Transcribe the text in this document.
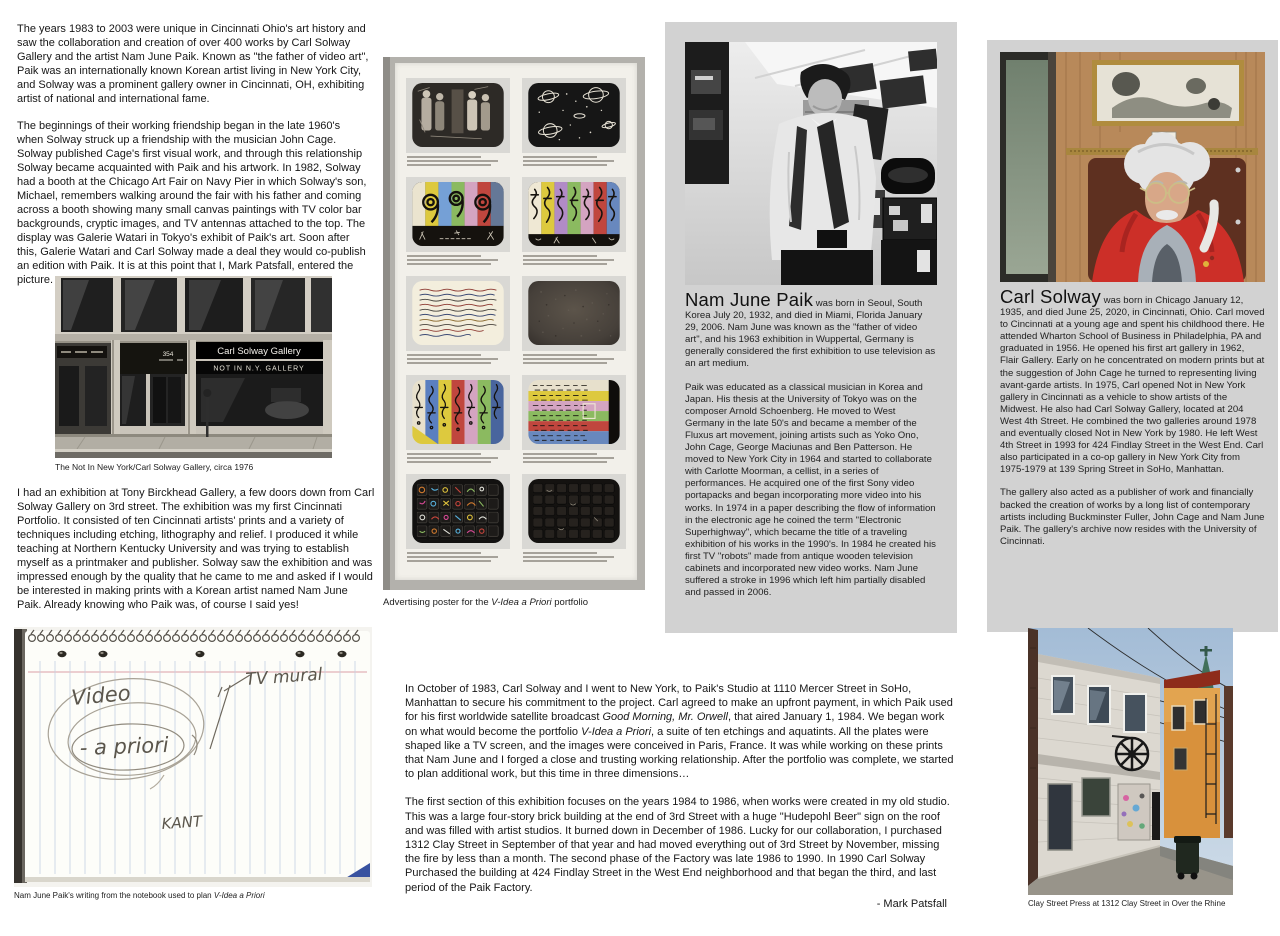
The years 1983 to 2003 were unique in Cincinnati Ohio's art history and saw the collaboration and creation of over 400 works by Carl Solway Gallery and the artist Nam June Paik. Known as "the father of video art", Paik was an internationally known Korean artist living in New York City, and Solway was a prominent gallery owner in Cincinnati, OH, exhibiting artist of national and international fame.

The beginnings of their working friendship began in the late 1960's when Solway struck up a friendship with the musician John Cage. Solway published Cage's first visual work, and through this relationship Solway became acquainted with Paik and his artwork. In 1982, Solway had a booth at the Chicago Art Fair on Navy Pier in which Solway's son, Michael, remembers walking around the fair with his father and coming across a booth showing many small canvas paintings with TV color bar backgrounds, cryptic images, and TV antennas attached to the top. The display was Galerie Watari in Tokyo's exhibit of Paik's art. Soon after this, Galerie Watari and Carl Solway made a deal they would co-publish an edition with Paik. It is at this point that I, Mark Patsfall, entered the picture.

354	Carl Solway Gallery
NOT IN N.Y. GALLERY
The Not In New York/Carl Solway Gallery, circa 1976

I had an exhibition at Tony Birckhead Gallery, a few doors down from Carl Solway Gallery on 3rd street. The exhibition was my first Cincinnati Portfolio. It consisted of ten Cincinnati artists' prints and a variety of techniques including etching, lithography and relief. I produced it while teaching at Northern Kentucky University and was trying to establish myself as a printmaker and publisher. Solway saw the exhibition and was impressed enough by the quality that he came to me and asked if I would be interested in making prints with a Korean artist named Nam June Paik. Already knowing who Paik was, of course I said yes!

Video
TV mural
- a priori
KANT
Nam June Paik's writing from the notebook used to plan V-Idea a Priori
Advertising poster for the V-Idea a Priori portfolio

Nam June Paik was born in Seoul, South Korea July 20, 1932, and died in Miami, Florida January 29, 2006. Nam June was known as the "father of video art", and his 1963 exhibition in Wuppertal, Germany is generally considered the first exhibition to use television as an art medium.

Paik was educated as a classical musician in Korea and Japan. His thesis at the University of Tokyo was on the composer Arnold Schoenberg. He moved to West Germany in the late 50's and became a member of the Fluxus art movement, joining artists such as Yoko Ono, John Cage, George Maciunas and Ben Patterson. He moved to New York City in 1964 and started to collaborate with Carlotte Moorman, a cellist, in a series of performances. He acquired one of the first Sony video portapacks and began incorporating more video into his works. In 1974 in a paper describing the flow of information in the electronic age he coined the term "Electronic Superhighway", which became the title of a traveling exhibition of his works in the 1990's. In 1984 he created his first TV "robots" made from antique wooden television cabinets and incorporated new video works. Nam June suffered a stroke in 1996 which left him partially disabled and passed in 2006.

Carl Solway was born in Chicago January 12, 1935, and died June 25, 2020, in Cincinnati, Ohio. Carl moved to Cincinnati at a young age and spent his childhood there. He attended Wharton School of Business in Philadelphia, PA and graduated in 1956. He opened his first art gallery in 1962, Flair Gallery. Early on he concentrated on modern prints but at the suggestion of John Cage he turned to representing living avant-garde artists. In 1975, Carl opened Not in New York gallery in Cincinnati as a vehicle to show artists of the Midwest. He also had Carl Solway Gallery, located at 204 West 4th Street. He combined the two galleries around 1978 and eventually closed Not in New York by 1980. He left West 4th Street in 1993 for 424 Findlay Street in the West End. Carl also participated in a co-op gallery in New York City from 1975-1979 at 139 Spring Street in SoHo, Manhattan.

The gallery also acted as a publisher of work and financially backed the creation of works by a long list of contemporary artists including Buckminster Fuller, John Cage and Nam June Paik. The gallery's archive now resides with the University of Cincinnati.

In October of 1983, Carl Solway and I went to New York, to Paik's Studio at 1110 Mercer Street in SoHo, Manhattan to secure his commitment to the project. Carl agreed to make an upfront payment, in which Paik used for his first worldwide satellite broadcast Good Morning, Mr. Orwell, that aired January 1, 1984. We began work on what would become the portfolio V-Idea a Priori, a suite of ten etchings and aquatints. All the plates were shaped like a TV screen, and the images were conceived in Paris, France. It was while working on these prints that Nam June and I forged a close and trusting working relationship. After the portfolio was complete, we started to plan additional work, but this time in three dimensions…

The first section of this exhibition focuses on the years 1984 to 1986, when works were created in my old studio. This was a large four-story brick building at the end of 3rd Street with a huge "Hudepohl Beer" sign on the roof and was filled with artist studios. It burned down in December of 1986. Lucky for our collaboration, I purchased 1312 Clay Street in September of that year and had moved everything out of 3rd Street by November, missing the fire by less than a month. The second phase of the Factory was late 1986 to 1990. In 1990 Carl Solway Purchased the building at 424 Findlay Street in the West End neighborhood and that began the third, and last period of the Paik Factory.

- Mark Patsfall	Clay Street Press at 1312 Clay Street in Over the Rhine
